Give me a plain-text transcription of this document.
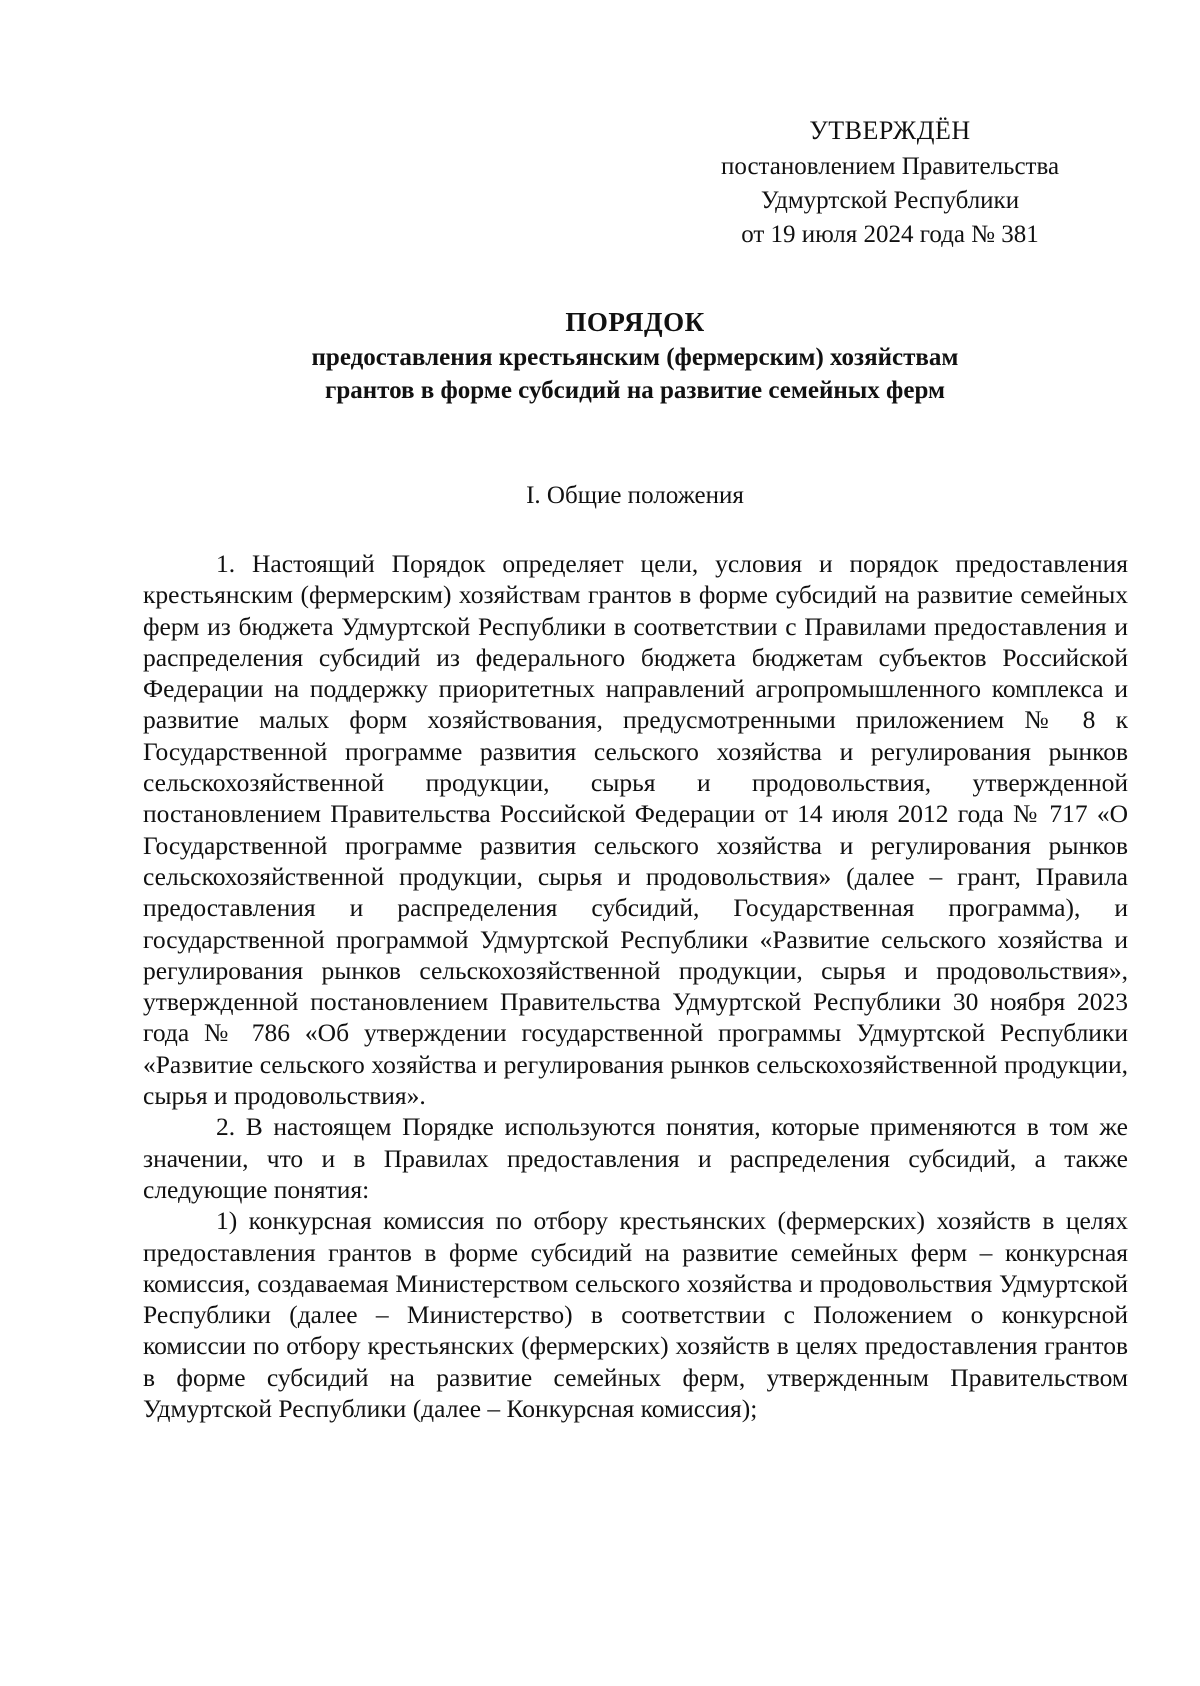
УТВЕРЖДЁН
постановлением Правительства
Удмуртской Республики
от 19 июля 2024 года № 381
ПОРЯДОК
предоставления крестьянским (фермерским) хозяйствам
грантов в форме субсидий на развитие семейных ферм
I. Общие положения

1. Настоящий Порядок определяет цели, условия и порядок предоставления крестьянским (фермерским) хозяйствам грантов в форме субсидий на развитие семейных ферм из бюджета Удмуртской Республики в соответствии с Правилами предоставления и распределения субсидий из федерального бюджета бюджетам субъектов Российской Федерации на поддержку приоритетных направлений агропромышленного комплекса и развитие малых форм хозяйствования, предусмотренными приложением № 8 к Государственной программе развития сельского хозяйства и регулирования рынков сельскохозяйственной продукции, сырья и продовольствия, утвержденной постановлением Правительства Российской Федерации от 14 июля 2012 года № 717 «О Государственной программе развития сельского хозяйства и регулирования рынков сельскохозяйственной продукции, сырья и продовольствия» (далее – грант, Правила предоставления и распределения субсидий, Государственная программа), и государственной программой Удмуртской Республики «Развитие сельского хозяйства и регулирования рынков сельскохозяйственной продукции, сырья и продовольствия», утвержденной постановлением Правительства Удмуртской Республики 30 ноября 2023 года № 786 «Об утверждении государственной программы Удмуртской Республики «Развитие сельского хозяйства и регулирования рынков сельскохозяйственной продукции, сырья и продовольствия».

2. В настоящем Порядке используются понятия, которые применяются в том же значении, что и в Правилах предоставления и распределения субсидий, а также следующие понятия:

1) конкурсная комиссия по отбору крестьянских (фермерских) хозяйств в целях предоставления грантов в форме субсидий на развитие семейных ферм – конкурсная комиссия, создаваемая Министерством сельского хозяйства и продовольствия Удмуртской Республики (далее – Министерство) в соответствии с Положением о конкурсной комиссии по отбору крестьянских (фермерских) хозяйств в целях предоставления грантов в форме субсидий на развитие семейных ферм, утвержденным Правительством Удмуртской Республики (далее – Конкурсная комиссия);
